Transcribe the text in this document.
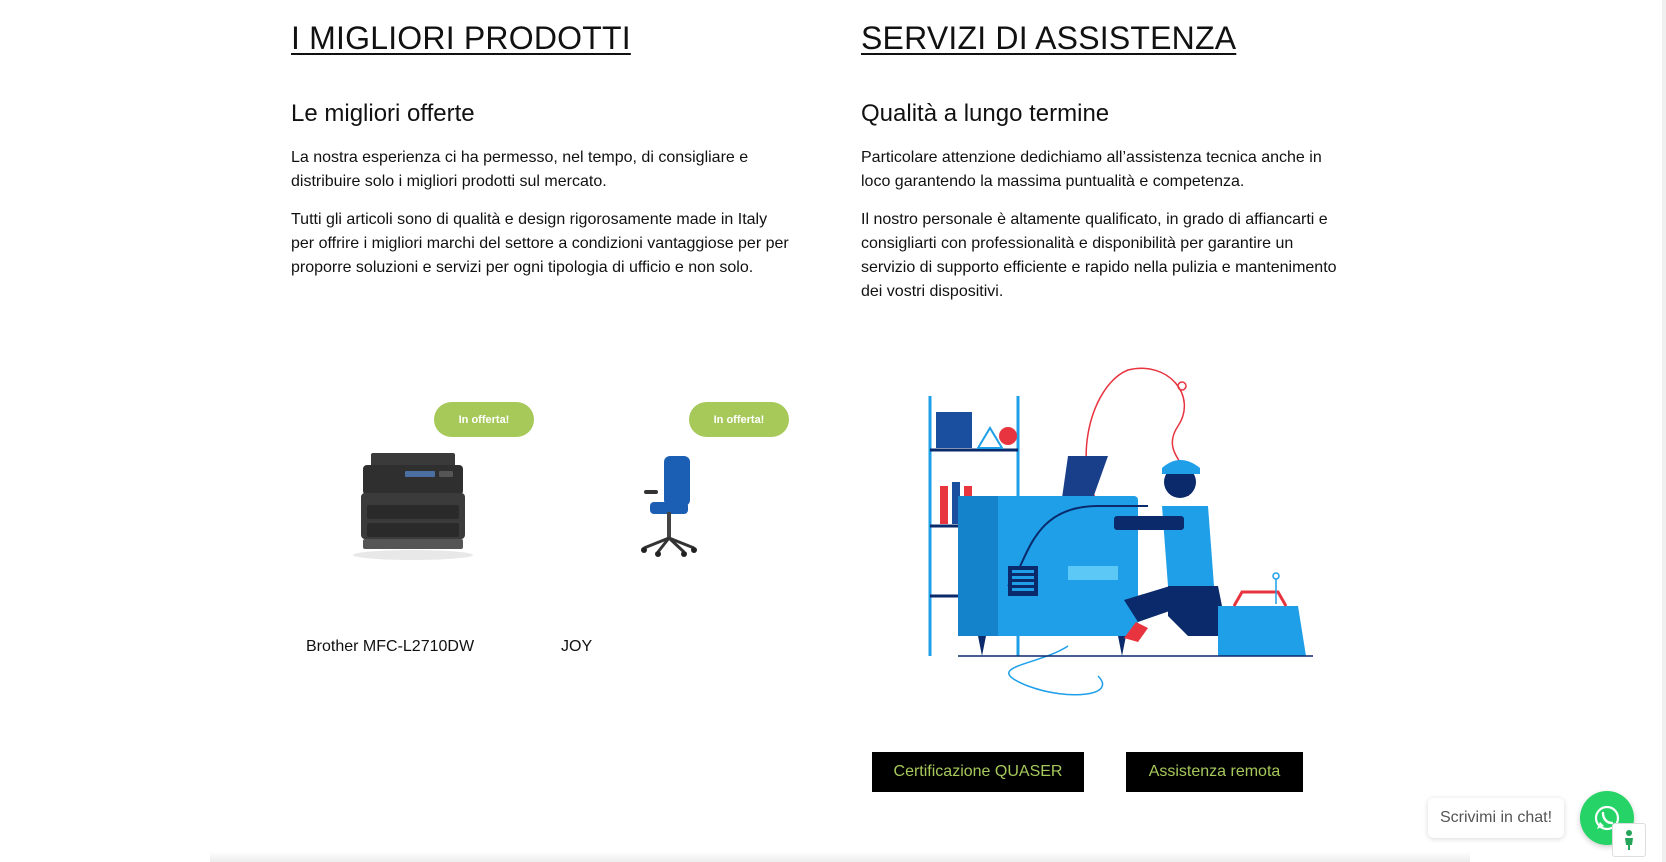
I MIGLIORI PRODOTTI
Le migliori offerte

La nostra esperienza ci ha permesso, nel tempo, di consigliare e distribuire solo i migliori prodotti sul mercato.

Tutti gli articoli sono di qualità e design rigorosamente made in Italy per offrire i migliori marchi del settore a condizioni vantaggiose per per proporre soluzioni e servizi per ogni tipologia di ufficio e non solo.

SERVIZI DI ASSISTENZA
Qualità a lungo termine

Particolare attenzione dedichiamo all’assistenza tecnica anche in loco garantendo la massima puntualità e competenza.

Il nostro personale è altamente qualificato, in grado di affiancarti e consigliarti con professionalità e disponibilità per garantire un servizio di supporto efficiente e rapido nella pulizia e mantenimento dei vostri dispositivi.

In offerta!
Brother MFC-L2710DW
In offerta!
JOY
Certificazione QUASER	Assistenza remota
Scrivimi in chat!
